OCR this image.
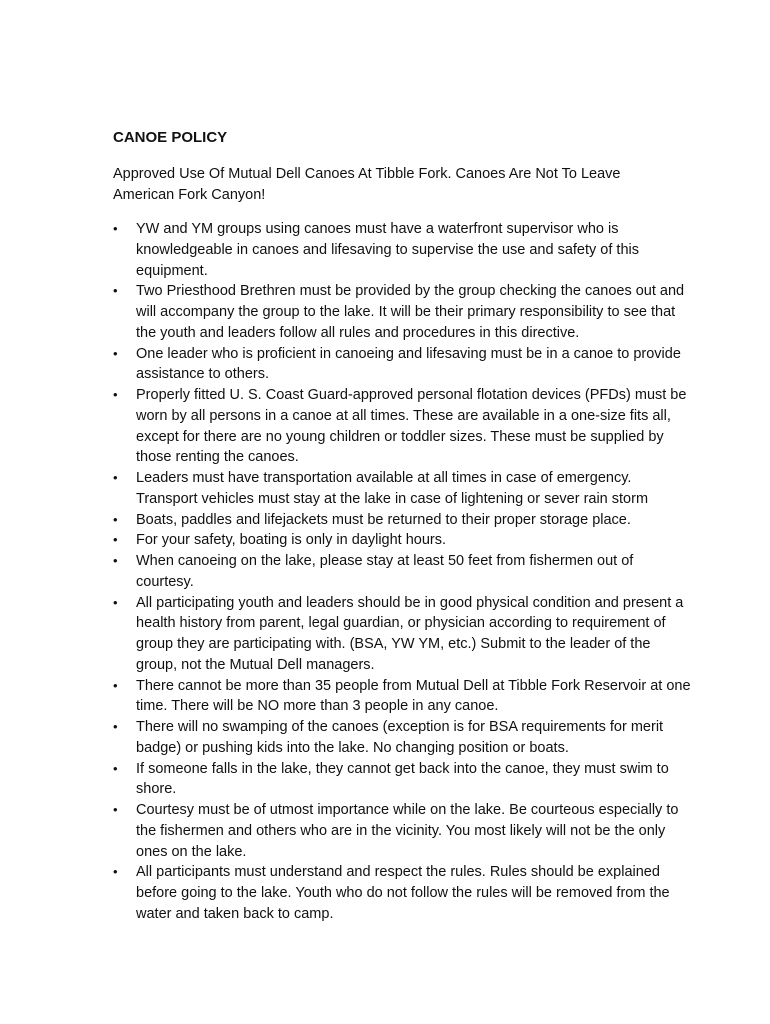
CANOE POLICY

Approved Use Of Mutual Dell Canoes At Tibble Fork. Canoes Are Not To Leave American Fork Canyon!

•	YW and YM groups using canoes must have a waterfront supervisor who is knowledgeable in canoes and lifesaving to supervise the use and safety of this equipment.
•	Two Priesthood Brethren must be provided by the group checking the canoes out and will accompany the group to the lake. It will be their primary responsibility to see that the youth and leaders follow all rules and procedures in this directive.
•	One leader who is proficient in canoeing and lifesaving must be in a canoe to provide assistance to others.
•	Properly fitted U. S. Coast Guard-approved personal flotation devices (PFDs) must be worn by all persons in a canoe at all times. These are available in a one-size fits all, except for there are no young children or toddler sizes. These must be supplied by those renting the canoes.
•	Leaders must have transportation available at all times in case of emergency. Transport vehicles must stay at the lake in case of lightening or sever rain storm
•	Boats, paddles and lifejackets must be returned to their proper storage place.
•	For your safety, boating is only in daylight hours.
•	When canoeing on the lake, please stay at least 50 feet from fishermen out of courtesy.
•	All participating youth and leaders should be in good physical condition and present a health history from parent, legal guardian, or physician according to requirement of group they are participating with. (BSA, YW YM, etc.) Submit to the leader of the group, not the Mutual Dell managers.
•	There cannot be more than 35 people from Mutual Dell at Tibble Fork Reservoir at one time. There will be NO more than 3 people in any canoe.
•	There will no swamping of the canoes (exception is for BSA requirements for merit badge) or pushing kids into the lake. No changing position or boats.
•	If someone falls in the lake, they cannot get back into the canoe, they must swim to shore.
•	Courtesy must be of utmost importance while on the lake. Be courteous especially to the fishermen and others who are in the vicinity. You most likely will not be the only ones on the lake.
•	All participants must understand and respect the rules. Rules should be explained before going to the lake. Youth who do not follow the rules will be removed from the water and taken back to camp.
